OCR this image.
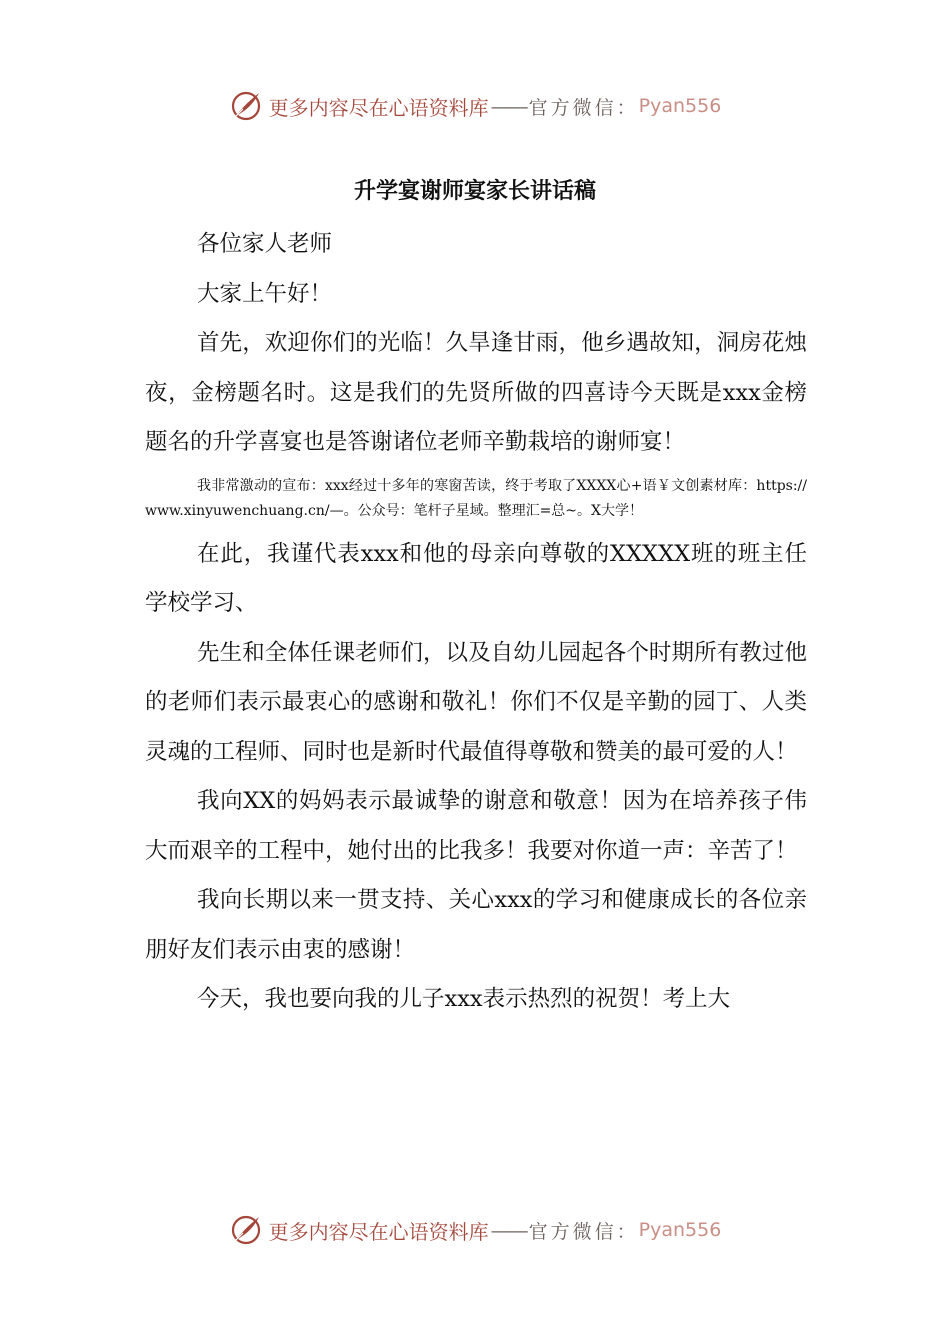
更多内容尽在心语资料库 —— 官方微信： Pyan556
升学宴谢师宴家长讲话稿

各位家人老师

大家上午好！

首先，欢迎你们的光临！久旱逢甘雨，他乡遇故知，洞房花烛夜，金榜题名时。这是我们的先贤所做的四喜诗今天既是xxx金榜题名的升学喜宴也是答谢诸位老师辛勤栽培的谢师宴！

我非常激动的宣布：xxx经过十多年的寒窗苦读，终于考取了XXXX心+语￥文创素材库：https://www.xinyuwenchuang.cn/—。公众号：笔杆子星域。整理汇=总~。X大学！

在此，我谨代表xxx和他的母亲向尊敬的XXXXX班的班主任学校学习、

先生和全体任课老师们，以及自幼儿园起各个时期所有教过他的老师们表示最衷心的感谢和敬礼！你们不仅是辛勤的园丁、人类灵魂的工程师、同时也是新时代最值得尊敬和赞美的最可爱的人！

我向XX的妈妈表示最诚挚的谢意和敬意！因为在培养孩子伟大而艰辛的工程中，她付出的比我多！我要对你道一声：辛苦了！

我向长期以来一贯支持、关心xxx的学习和健康成长的各位亲朋好友们表示由衷的感谢！

今天，我也要向我的儿子xxx表示热烈的祝贺！考上大

更多内容尽在心语资料库 —— 官方微信： Pyan556
